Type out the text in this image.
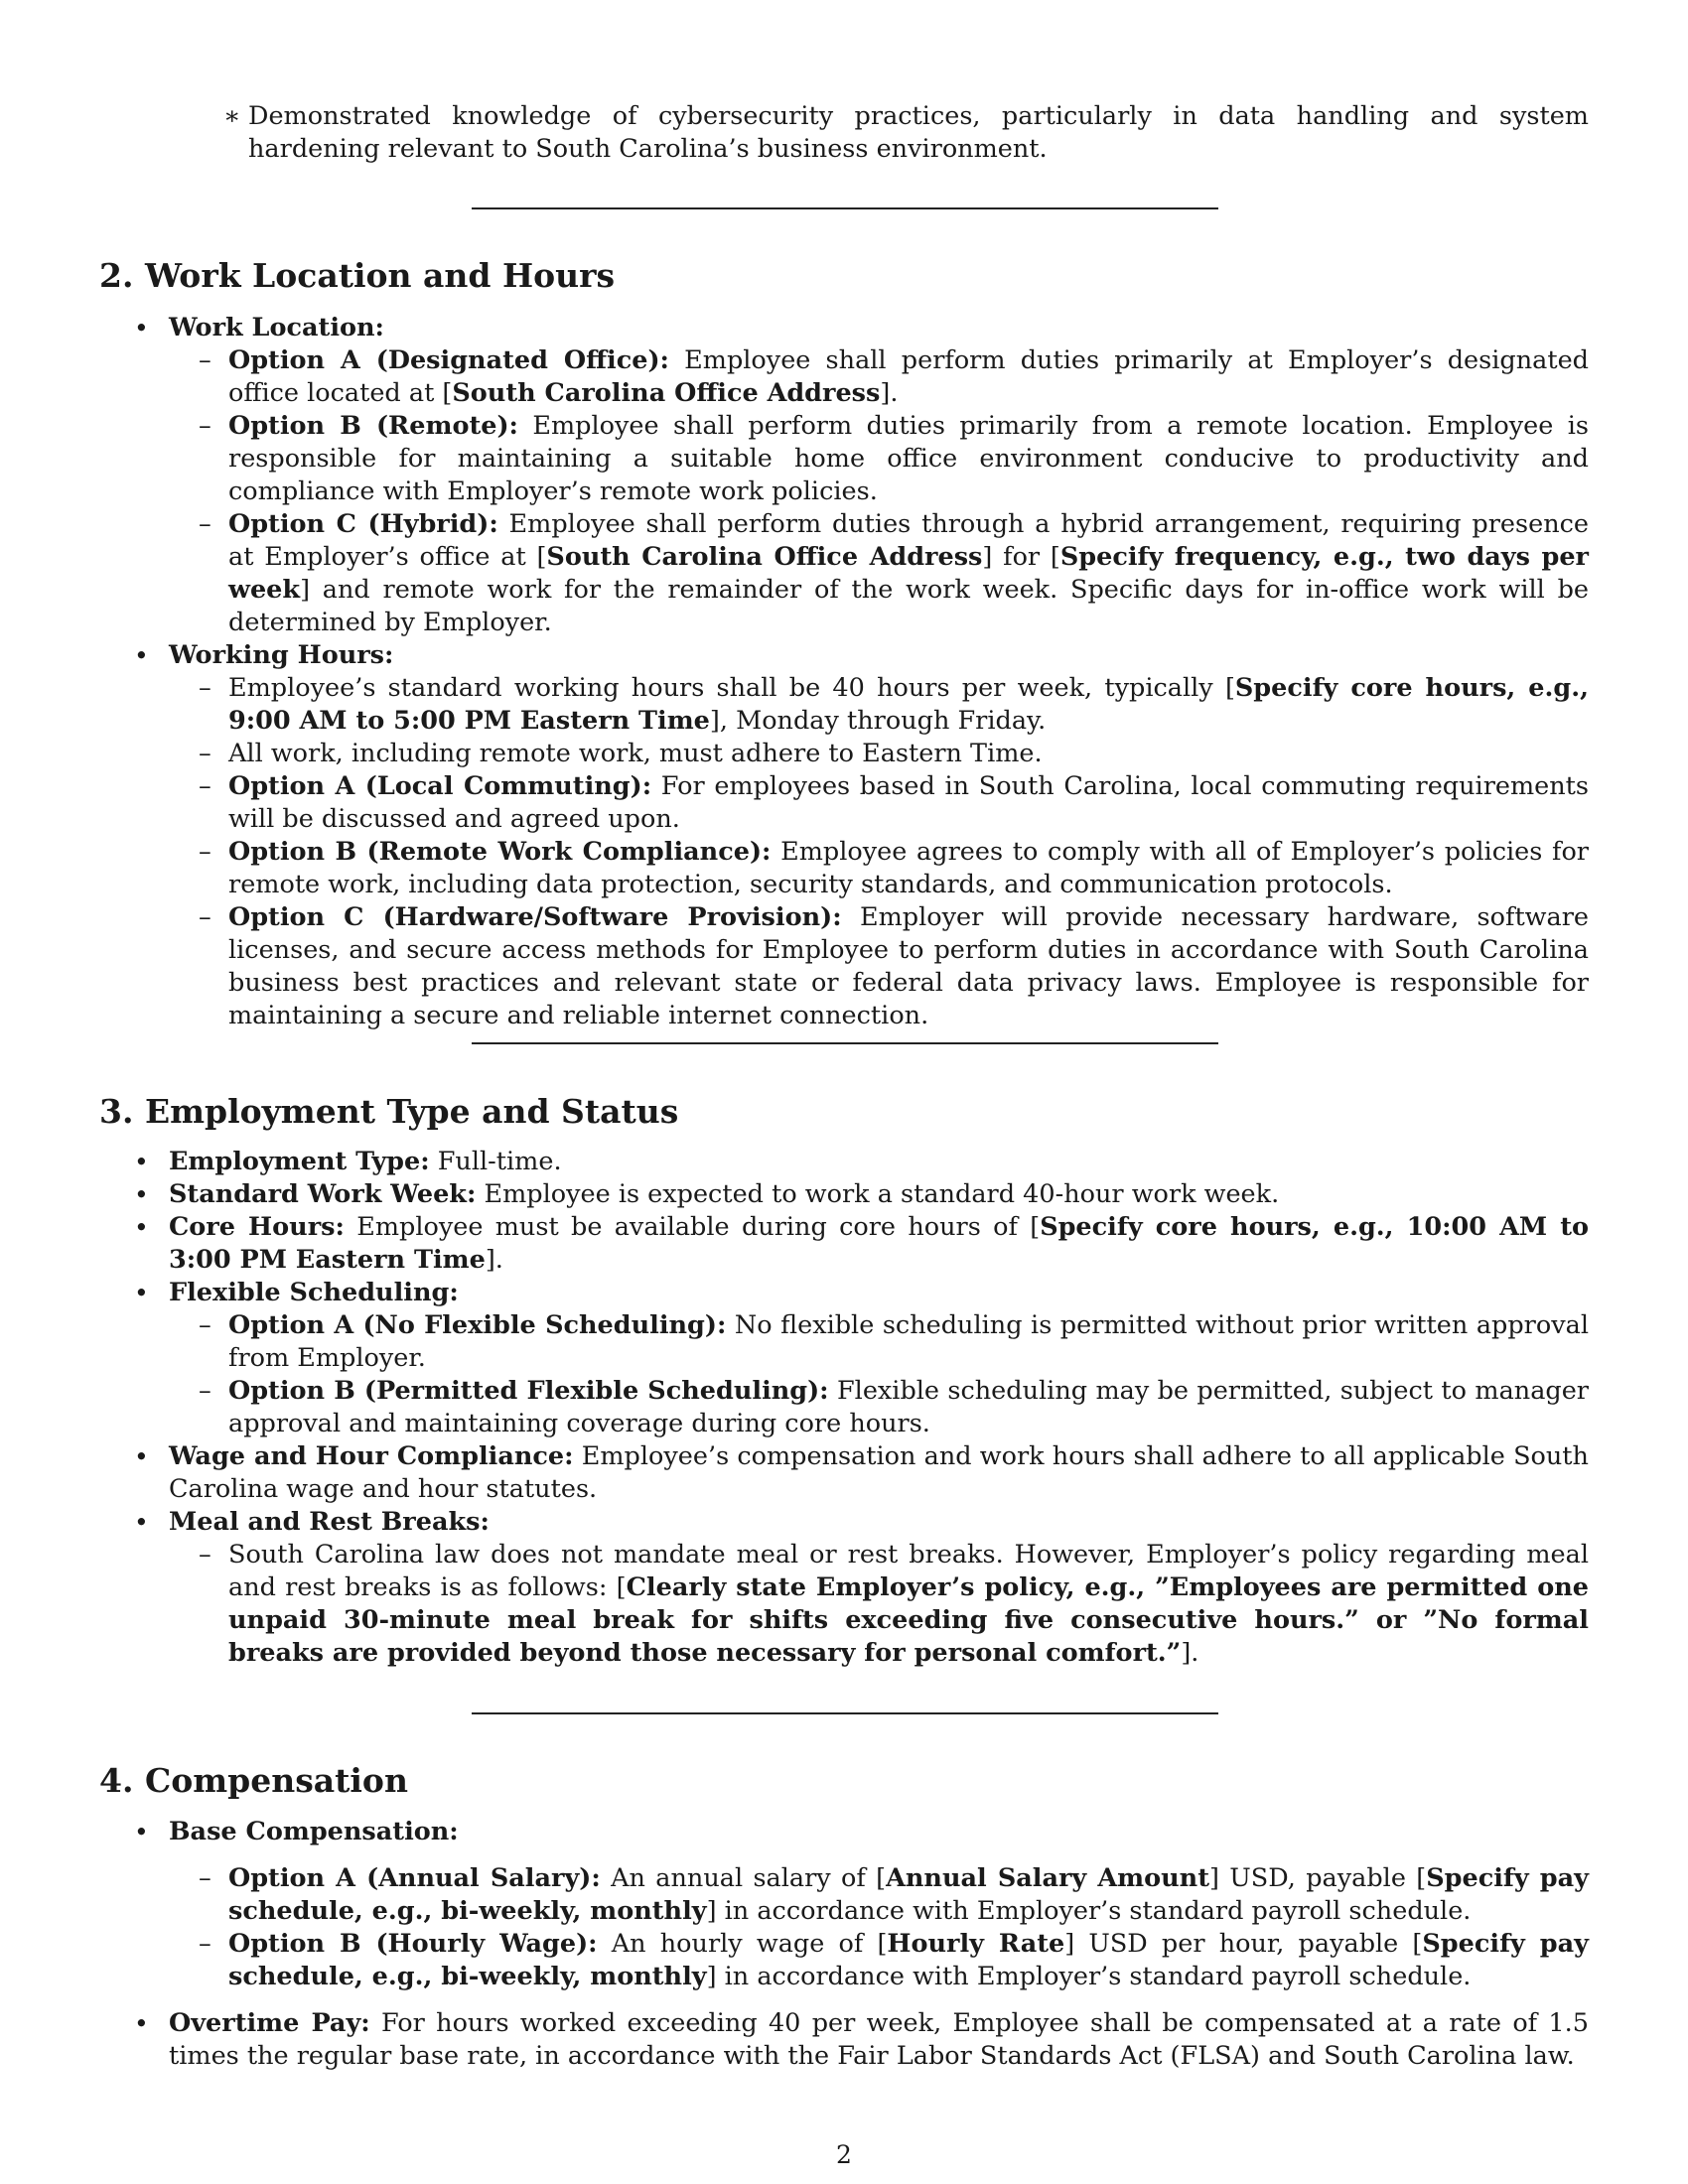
∗ Demonstrated knowledge of cybersecurity practices, particularly in data handling and system hardening relevant to South Carolina’s business environment.
2. Work Location and Hours
• Work Location:
– Option A (Designated Office): Employee shall perform duties primarily at Employer’s designated office located at [South Carolina Office Address].
– Option B (Remote): Employee shall perform duties primarily from a remote location. Employee is responsible for maintaining a suitable home office environment conducive to productivity and compliance with Employer’s remote work policies.
– Option C (Hybrid): Employee shall perform duties through a hybrid arrangement, requiring presence at Employer’s office at [South Carolina Office Address] for [Specify frequency, e.g., two days per week] and remote work for the remainder of the work week. Specific days for in-office work will be determined by Employer.
• Working Hours:
– Employee’s standard working hours shall be 40 hours per week, typically [Specify core hours, e.g., 9:00 AM to 5:00 PM Eastern Time], Monday through Friday.
– All work, including remote work, must adhere to Eastern Time.
– Option A (Local Commuting): For employees based in South Carolina, local commuting requirements will be discussed and agreed upon.
– Option B (Remote Work Compliance): Employee agrees to comply with all of Employer’s policies for remote work, including data protection, security standards, and communication protocols.
– Option C (Hardware/Software Provision): Employer will provide necessary hardware, software licenses, and secure access methods for Employee to perform duties in accordance with South Carolina business best practices and relevant state or federal data privacy laws. Employee is responsible for maintaining a secure and reliable internet connection.
3. Employment Type and Status
• Employment Type: Full-time.
• Standard Work Week: Employee is expected to work a standard 40-hour work week.
• Core Hours: Employee must be available during core hours of [Specify core hours, e.g., 10:00 AM to 3:00 PM Eastern Time].
• Flexible Scheduling:
– Option A (No Flexible Scheduling): No flexible scheduling is permitted without prior written approval from Employer.
– Option B (Permitted Flexible Scheduling): Flexible scheduling may be permitted, subject to manager approval and maintaining coverage during core hours.
• Wage and Hour Compliance: Employee’s compensation and work hours shall adhere to all applicable South Carolina wage and hour statutes.
• Meal and Rest Breaks:
– South Carolina law does not mandate meal or rest breaks. However, Employer’s policy regarding meal and rest breaks is as follows: [Clearly state Employer’s policy, e.g., ”Employees are permitted one unpaid 30-minute meal break for shifts exceeding five consecutive hours.” or ”No formal breaks are provided beyond those necessary for personal comfort.”].
4. Compensation
• Base Compensation:
– Option A (Annual Salary): An annual salary of [Annual Salary Amount] USD, payable [Specify pay schedule, e.g., bi-weekly, monthly] in accordance with Employer’s standard payroll schedule.
– Option B (Hourly Wage): An hourly wage of [Hourly Rate] USD per hour, payable [Specify pay schedule, e.g., bi-weekly, monthly] in accordance with Employer’s standard payroll schedule.
• Overtime Pay: For hours worked exceeding 40 per week, Employee shall be compensated at a rate of 1.5 times the regular base rate, in accordance with the Fair Labor Standards Act (FLSA) and South Carolina law.
2
